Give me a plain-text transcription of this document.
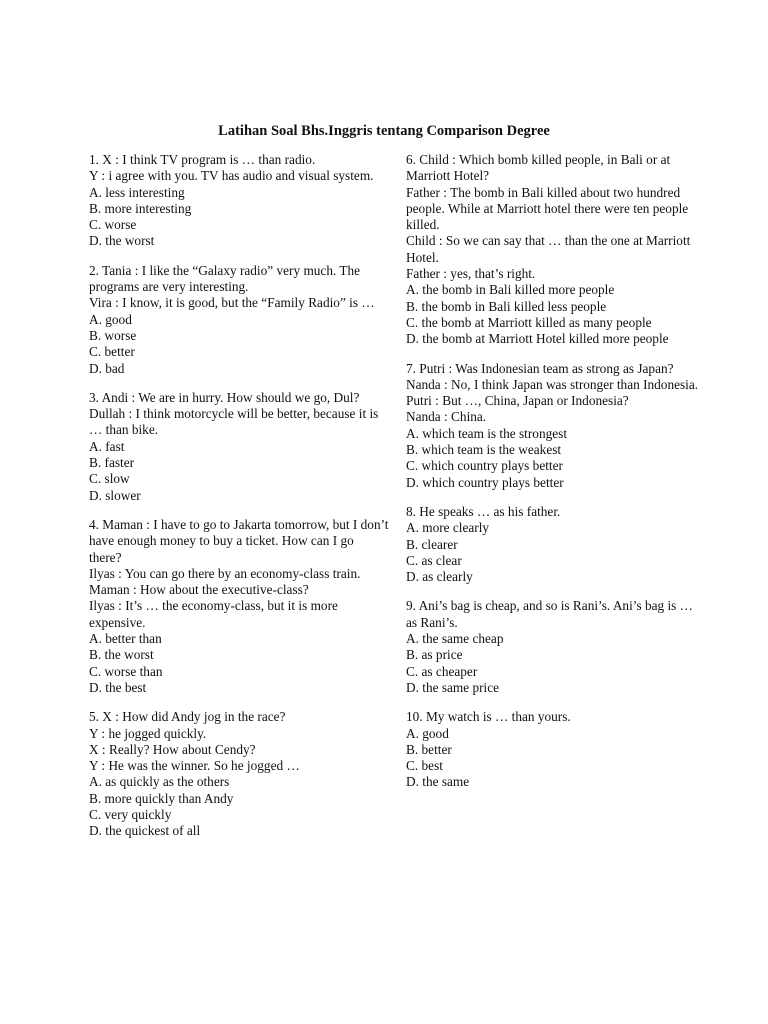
Latihan Soal Bhs.Inggris tentang Comparison Degree
1. X : I think TV program is … than radio.
Y : i agree with you. TV has audio and visual system.
A. less interesting
B. more interesting
C. worse
D. the worst
2. Tania : I like the “Galaxy radio” very much. The programs are very interesting.
Vira : I know, it is good, but the “Family Radio” is …
A. good
B. worse
C. better
D. bad
3. Andi : We are in hurry. How should we go, Dul?
Dullah : I think motorcycle will be better, because it is … than bike.
A. fast
B. faster
C. slow
D. slower
4. Maman : I have to go to Jakarta tomorrow, but I don’t have enough money to buy a ticket. How can I go there?
Ilyas : You can go there by an economy-class train.
Maman : How about the executive-class?
Ilyas : It’s … the economy-class, but it is more expensive.
A. better than
B. the worst
C. worse than
D. the best
5. X : How did Andy jog in the race?
Y : he jogged quickly.
X : Really? How about Cendy?
Y : He was the winner. So he jogged …
A. as quickly as the others
B. more quickly than Andy
C. very quickly
D. the quickest of all
6. Child : Which bomb killed people, in Bali or at Marriott Hotel?
Father : The bomb in Bali killed about two hundred people. While at Marriott hotel there were ten people killed.
Child : So we can say that … than the one at Marriott Hotel.
Father : yes, that’s right.
A. the bomb in Bali killed more people
B. the bomb in Bali killed less people
C. the bomb at Marriott killed as many people
D. the bomb at Marriott Hotel killed more people
7. Putri : Was Indonesian team as strong as Japan?
Nanda : No, I think Japan was stronger than Indonesia.
Putri : But …, China, Japan or Indonesia?
Nanda : China.
A. which team is the strongest
B. which team is the weakest
C. which country plays better
D. which country plays better
8. He speaks … as his father.
A. more clearly
B. clearer
C. as clear
D. as clearly
9. Ani’s bag is cheap, and so is Rani’s. Ani’s bag is … as Rani’s.
A. the same cheap
B. as price
C. as cheaper
D. the same price
10. My watch is … than yours.
A. good
B. better
C. best
D. the same
